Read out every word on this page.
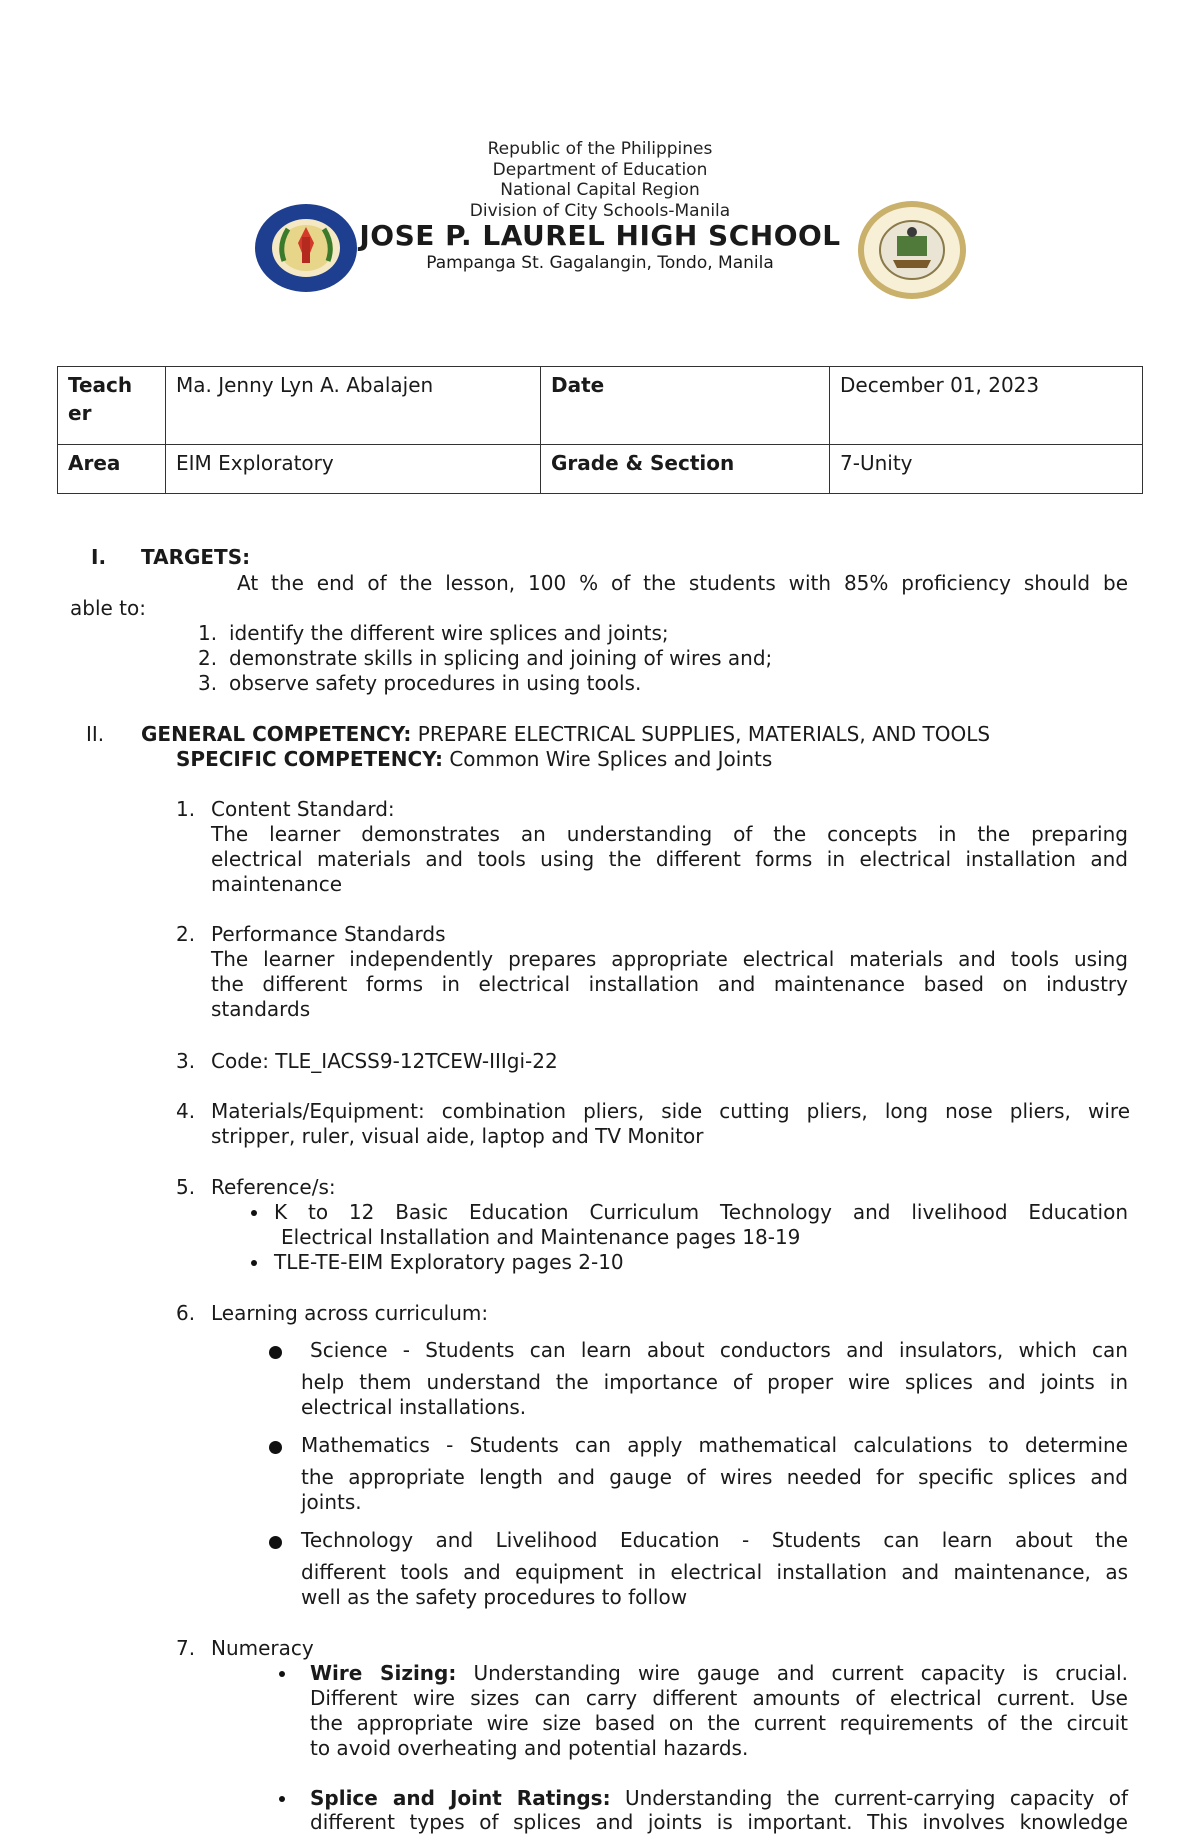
Republic of the Philippines
Department of Education
National Capital Region
Division of City Schools-Manila
JOSE P. LAUREL HIGH SCHOOL
Pampanga St. Gagalangin, Tondo, Manila
Teach er	Ma. Jenny Lyn A. Abalajen	Date	December 01, 2023
Area	EIM Exploratory	Grade & Section	7-Unity
I. TARGETS:
At the end of the lesson, 100 % of the students with 85% proficiency should be
able to:
1. identify the different wire splices and joints;
2. demonstrate skills in splicing and joining of wires and;
3. observe safety procedures in using tools.
II. GENERAL COMPETENCY: PREPARE ELECTRICAL SUPPLIES, MATERIALS, AND TOOLS
SPECIFIC COMPETENCY: Common Wire Splices and Joints
1. Content Standard:
The learner demonstrates an understanding of the concepts in the preparing
electrical materials and tools using the different forms in electrical installation and
maintenance
2. Performance Standards
The learner independently prepares appropriate electrical materials and tools using
the different forms in electrical installation and maintenance based on industry
standards
3. Code: TLE_IACSS9-12TCEW-IIIgi-22
4. Materials/Equipment: combination pliers, side cutting pliers, long nose pliers, wire
stripper, ruler, visual aide, laptop and TV Monitor
5. Reference/s:
K to 12 Basic Education Curriculum Technology and livelihood Education
Electrical Installation and Maintenance pages 18-19
TLE-TE-EIM Exploratory pages 2-10
6. Learning across curriculum:
Science - Students can learn about conductors and insulators, which can
help them understand the importance of proper wire splices and joints in
electrical installations.
Mathematics - Students can apply mathematical calculations to determine
the appropriate length and gauge of wires needed for specific splices and
joints.
Technology and Livelihood Education - Students can learn about the
different tools and equipment in electrical installation and maintenance, as
well as the safety procedures to follow
7. Numeracy
Wire Sizing: Understanding wire gauge and current capacity is crucial.
Different wire sizes can carry different amounts of electrical current. Use
the appropriate wire size based on the current requirements of the circuit
to avoid overheating and potential hazards.
Splice and Joint Ratings: Understanding the current-carrying capacity of
different types of splices and joints is important. This involves knowledge
